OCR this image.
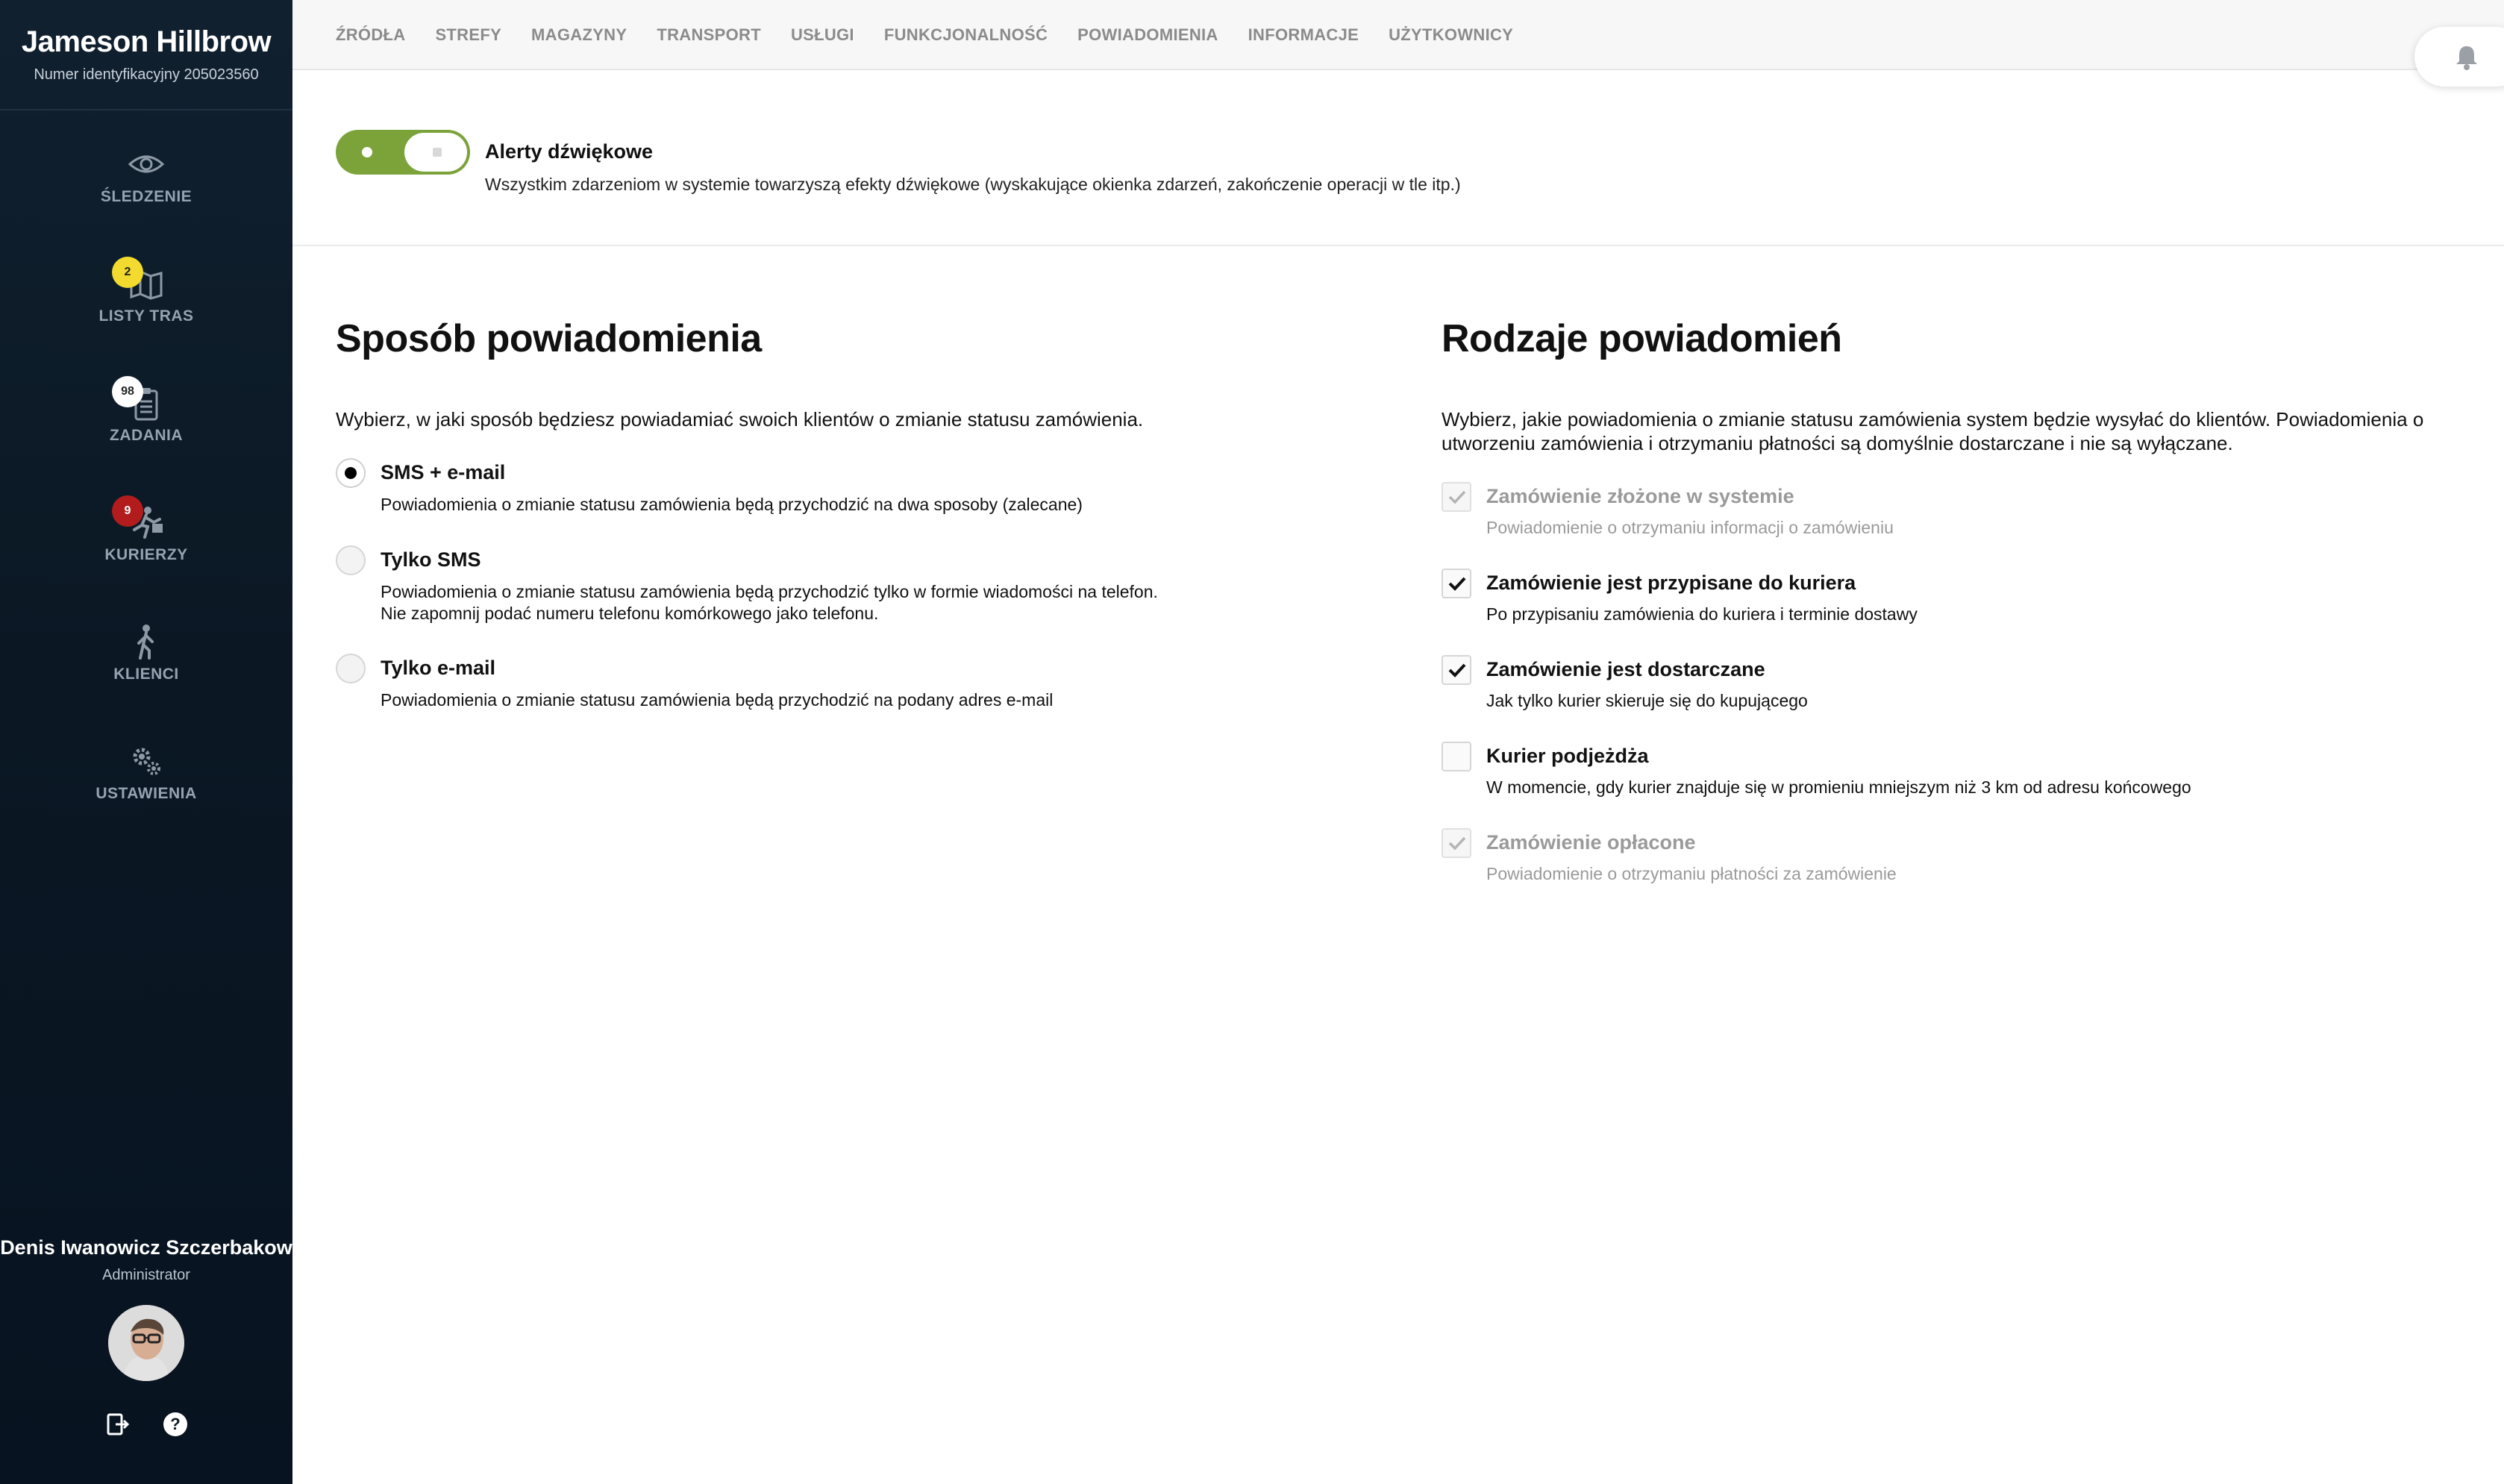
Jameson Hillbrow
Numer identyfikacyjny 205023560
ŚLEDZENIE
2
LISTY TRAS
98
ZADANIA
9
KURIERZY
KLIENCI
USTAWIENIA
Denis Iwanowicz Szczerbakow
Administrator
?
ŹRÓDŁA STREFY MAGAZYNY TRANSPORT USŁUGI FUNKCJONALNOŚĆ POWIADOMIENIA INFORMACJE UŻYTKOWNICY
Alerty dźwiękowe
Wszystkim zdarzeniom w systemie towarzyszą efekty dźwiękowe (wyskakujące okienka zdarzeń, zakończenie operacji w tle itp.)
Sposób powiadomienia

Wybierz, w jaki sposób będziesz powiadamiać swoich klientów o zmianie statusu zamówienia.

SMS + e-mail
Powiadomienia o zmianie statusu zamówienia będą przychodzić na dwa sposoby (zalecane)
Tylko SMS
Powiadomienia o zmianie statusu zamówienia będą przychodzić tylko w formie wiadomości na telefon.
Nie zapomnij podać numeru telefonu komórkowego jako telefonu.
Tylko e-mail
Powiadomienia o zmianie statusu zamówienia będą przychodzić na podany adres e-mail
Rodzaje powiadomień
Wybierz, jakie powiadomienia o zmianie statusu zamówienia system będzie wysyłać do klientów. Powiadomienia o
utworzeniu zamówienia i otrzymaniu płatności są domyślnie dostarczane i nie są wyłączane.
Zamówienie złożone w systemie
Powiadomienie o otrzymaniu informacji o zamówieniu
Zamówienie jest przypisane do kuriera
Po przypisaniu zamówienia do kuriera i terminie dostawy
Zamówienie jest dostarczane
Jak tylko kurier skieruje się do kupującego
Kurier podjeżdża
W momencie, gdy kurier znajduje się w promieniu mniejszym niż 3 km od adresu końcowego
Zamówienie opłacone
Powiadomienie o otrzymaniu płatności za zamówienie
